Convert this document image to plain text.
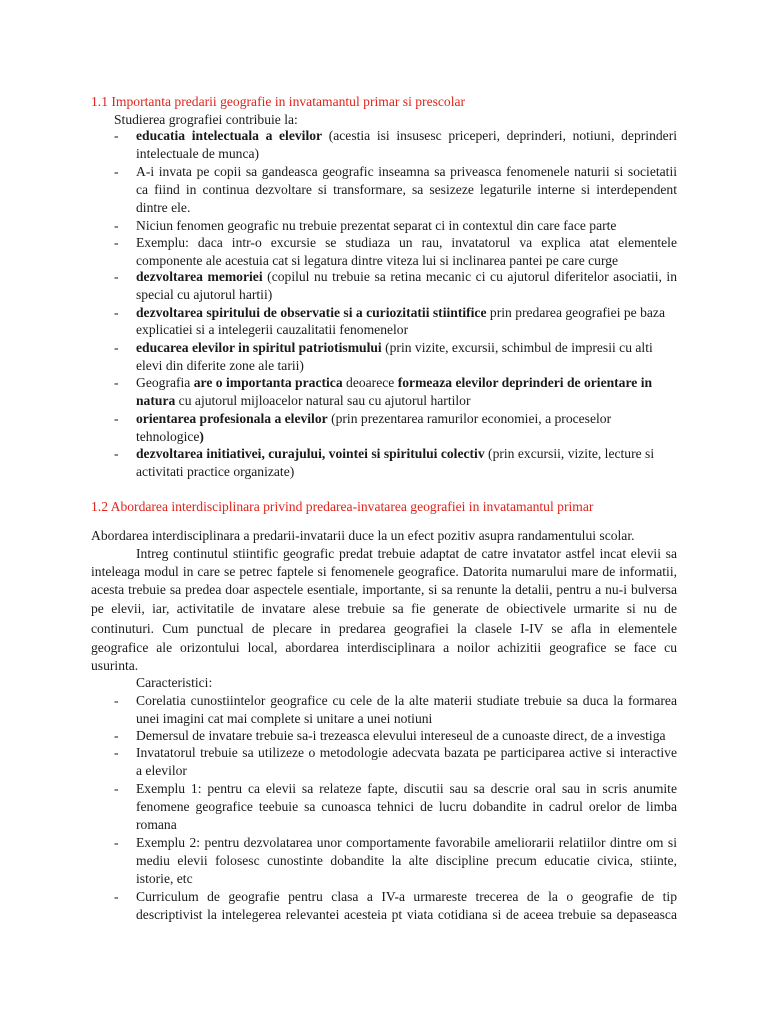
1.1 Importanta predarii geografie in invatamantul primar si prescolar
Studierea grografiei contribuie la:
- educatia intelectuala a elevilor (acestia isi insusesc priceperi, deprinderi, notiuni, deprinderi
intelectuale de munca)
- A-i invata pe copii sa gandeasca geografic inseamna sa priveasca fenomenele naturii si societatii
ca fiind in continua dezvoltare si transformare, sa sesizeze legaturile interne si interdependent
dintre ele.
- Niciun fenomen geografic nu trebuie prezentat separat ci in contextul din care face parte
- Exemplu: daca intr-o excursie se studiaza un rau, invatatorul va explica atat elementele
componente ale acestuia cat si legatura dintre viteza lui si inclinarea pantei pe care curge
- dezvoltarea memoriei (copilul nu trebuie sa retina mecanic ci cu ajutorul diferitelor asociatii, in
special cu ajutorul hartii)
- dezvoltarea spiritului de observatie si a curiozitatii stiintifice prin predarea geografiei pe baza
explicatiei si a intelegerii cauzalitatii fenomenelor
- educarea elevilor in spiritul patriotismului (prin vizite, excursii, schimbul de impresii cu alti
elevi din diferite zone ale tarii)
- Geografia are o importanta practica deoarece formeaza elevilor deprinderi de orientare in
natura cu ajutorul mijloacelor natural sau cu ajutorul hartilor
- orientarea profesionala a elevilor (prin prezentarea ramurilor economiei, a proceselor
tehnologice)
- dezvoltarea initiativei, curajului, vointei si spiritului colectiv (prin excursii, vizite, lecture si
activitati practice organizate)
1.2 Abordarea interdisciplinara privind predarea-invatarea geografiei in invatamantul primar
Abordarea interdisciplinara a predarii-invatarii duce la un efect pozitiv asupra randamentului scolar.
Intreg continutul stiintific geografic predat trebuie adaptat de catre invatator astfel incat elevii sa
inteleaga modul in care se petrec faptele si fenomenele geografice. Datorita numarului mare de informatii,
acesta trebuie sa predea doar aspectele esentiale, importante, si sa renunte la detalii, pentru a nu-i bulversa
pe elevii, iar, activitatile de invatare alese trebuie sa fie generate de obiectivele urmarite si nu de
continuturi. Cum punctual de plecare in predarea geografiei la clasele I-IV se afla in elementele
geografice ale orizontului local, abordarea interdisciplinara a noilor achizitii geografice se face cu
usurinta.
Caracteristici:
- Corelatia cunostiintelor geografice cu cele de la alte materii studiate trebuie sa duca la formarea
unei imagini cat mai complete si unitare a unei notiuni
- Demersul de invatare trebuie sa-i trezeasca elevului intereseul de a cunoaste direct, de a investiga
- Invatatorul trebuie sa utilizeze o metodologie adecvata bazata pe participarea active si interactive
a elevilor
- Exemplu 1: pentru ca elevii sa relateze fapte, discutii sau sa descrie oral sau in scris anumite
fenomene geografice teebuie sa cunoasca tehnici de lucru dobandite in cadrul orelor de limba
romana
- Exemplu 2: pentru dezvolatarea unor comportamente favorabile ameliorarii relatiilor dintre om si
mediu elevii folosesc cunostinte dobandite la alte discipline precum educatie civica, stiinte,
istorie, etc
- Curriculum de geografie pentru clasa a IV-a urmareste trecerea de la o geografie de tip
descriptivist la intelegerea relevantei acesteia pt viata cotidiana si de aceea trebuie sa depaseasca
